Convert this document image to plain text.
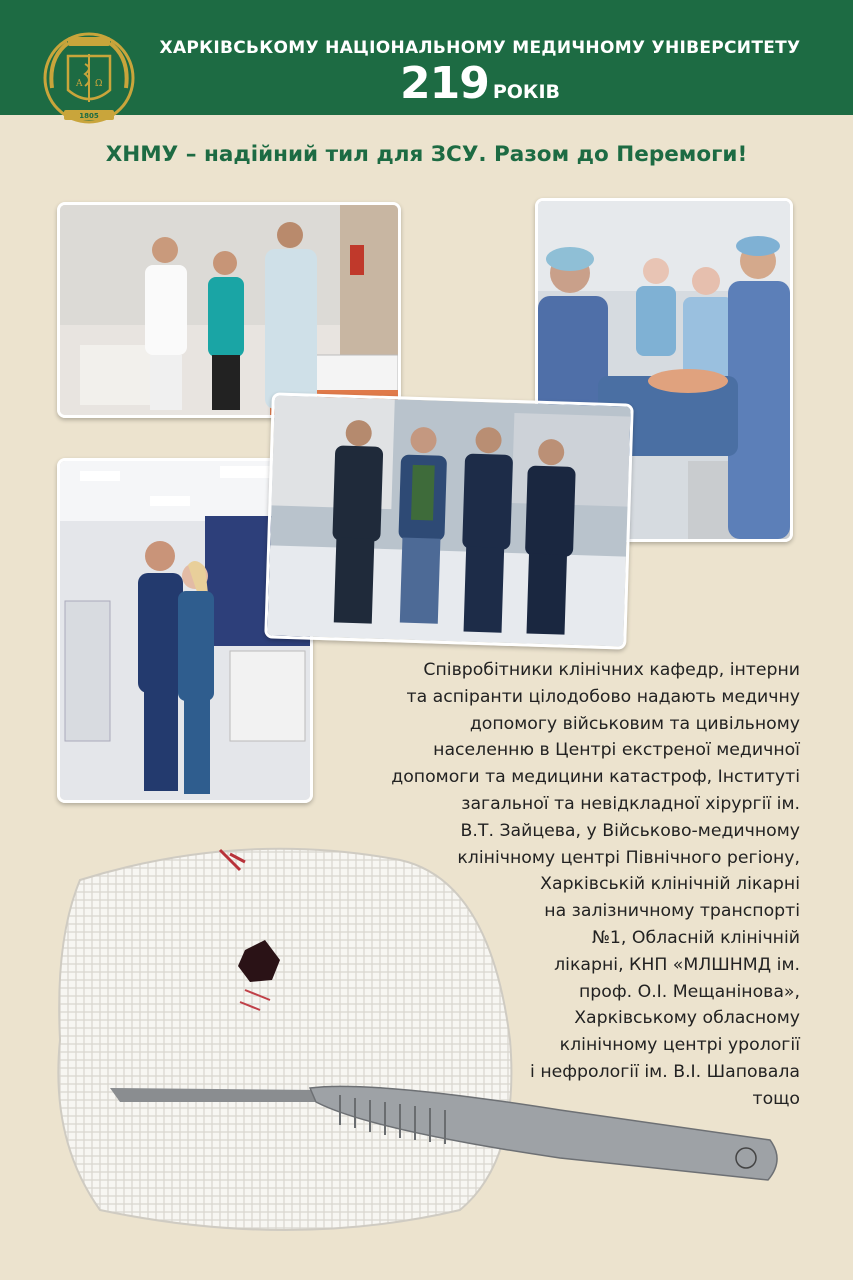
Α Ω
1805
ХАРКІВСЬКОМУ НАЦІОНАЛЬНОМУ МЕДИЧНОМУ УНІВЕРСИТЕТУ
219 РОКІВ
ХНМУ – надійний тил для ЗСУ. Разом до Перемоги!
Співробітники клінічних кафедр, інтерни
та аспіранти цілодобово надають медичну
допомогу військовим та цивільному
населенню в Центрі екстреної медичної
допомоги та медицини катастроф, Інституті
загальної та невідкладної хірургії ім.
В.Т. Зайцева, у Військово-медичному
клінічному центрі Північного регіону,
Харківській клінічній лікарні
на залізничному транспорті
№1, Обласній клінічній
лікарні, КНП «МЛШНМД ім.
проф. О.І. Мещанінова»,
Харківському обласному
клінічному центрі урології
і нефрології ім. В.І. Шаповала
тощо
